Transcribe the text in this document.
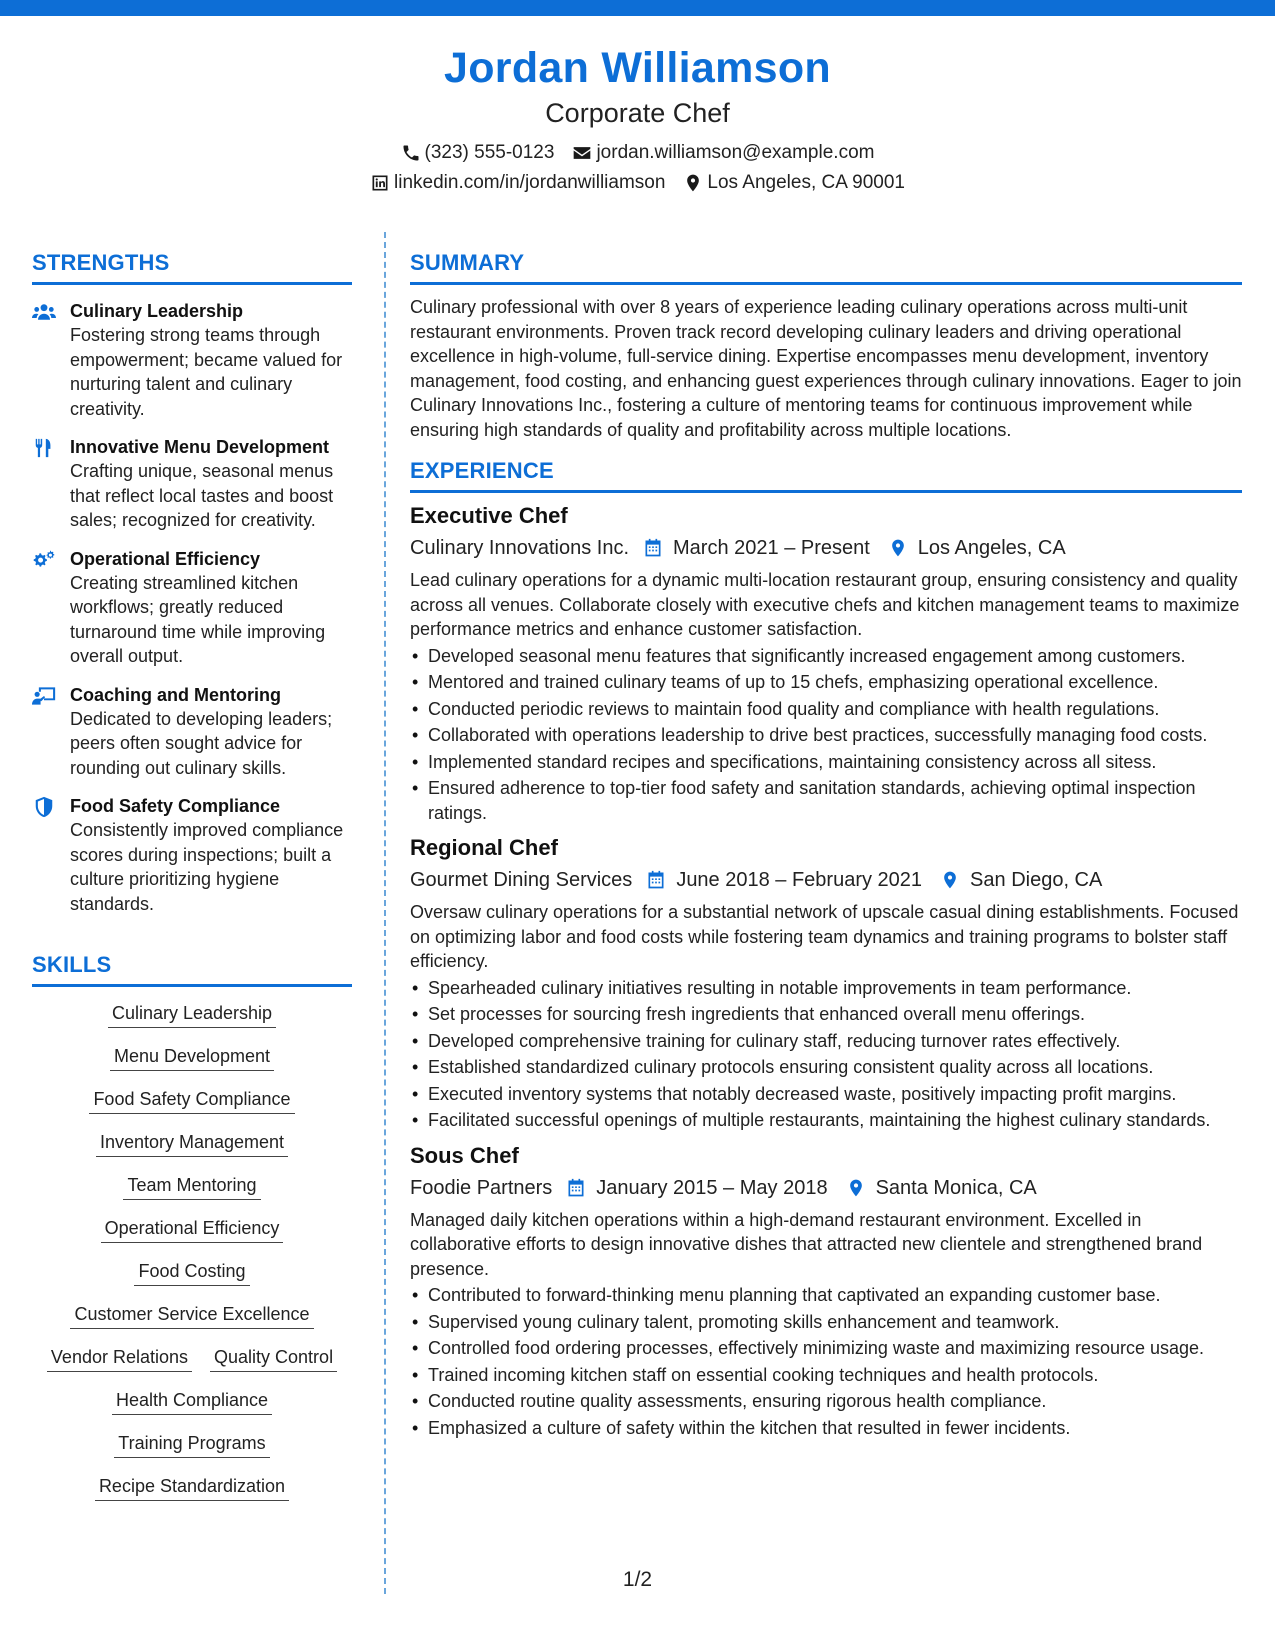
Jordan Williamson
Corporate Chef
(323) 555-0123 jordan.williamson@example.com
linkedin.com/in/jordanwilliamson Los Angeles, CA 90001
STRENGTHS
Culinary Leadership
Fostering strong teams through empowerment; became valued for nurturing talent and culinary creativity.
Innovative Menu Development
Crafting unique, seasonal menus that reflect local tastes and boost sales; recognized for creativity.
Operational Efficiency
Creating streamlined kitchen workflows; greatly reduced turnaround time while improving overall output.
Coaching and Mentoring
Dedicated to developing leaders; peers often sought advice for rounding out culinary skills.
Food Safety Compliance
Consistently improved compliance scores during inspections; built a culture prioritizing hygiene standards.
SKILLS
Culinary Leadership
Menu Development
Food Safety Compliance
Inventory Management
Team Mentoring
Operational Efficiency
Food Costing
Customer Service Excellence
Vendor Relations Quality Control
Health Compliance
Training Programs
Recipe Standardization
SUMMARY
Culinary professional with over 8 years of experience leading culinary operations across multi-unit restaurant environments. Proven track record developing culinary leaders and driving operational excellence in high-volume, full-service dining. Expertise encompasses menu development, inventory management, food costing, and enhancing guest experiences through culinary innovations. Eager to join Culinary Innovations Inc., fostering a culture of mentoring teams for continuous improvement while ensuring high standards of quality and profitability across multiple locations.
EXPERIENCE
Executive Chef
Culinary Innovations Inc. March 2021 – Present Los Angeles, CA
Lead culinary operations for a dynamic multi-location restaurant group, ensuring consistency and quality across all venues. Collaborate closely with executive chefs and kitchen management teams to maximize performance metrics and enhance customer satisfaction.
• Developed seasonal menu features that significantly increased engagement among customers.
• Mentored and trained culinary teams of up to 15 chefs, emphasizing operational excellence.
• Conducted periodic reviews to maintain food quality and compliance with health regulations.
• Collaborated with operations leadership to drive best practices, successfully managing food costs.
• Implemented standard recipes and specifications, maintaining consistency across all sitess.
• Ensured adherence to top-tier food safety and sanitation standards, achieving optimal inspection ratings.
Regional Chef
Gourmet Dining Services June 2018 – February 2021 San Diego, CA
Oversaw culinary operations for a substantial network of upscale casual dining establishments. Focused on optimizing labor and food costs while fostering team dynamics and training programs to bolster staff efficiency.
• Spearheaded culinary initiatives resulting in notable improvements in team performance.
• Set processes for sourcing fresh ingredients that enhanced overall menu offerings.
• Developed comprehensive training for culinary staff, reducing turnover rates effectively.
• Established standardized culinary protocols ensuring consistent quality across all locations.
• Executed inventory systems that notably decreased waste, positively impacting profit margins.
• Facilitated successful openings of multiple restaurants, maintaining the highest culinary standards.
Sous Chef
Foodie Partners January 2015 – May 2018 Santa Monica, CA
Managed daily kitchen operations within a high-demand restaurant environment. Excelled in collaborative efforts to design innovative dishes that attracted new clientele and strengthened brand presence.
• Contributed to forward-thinking menu planning that captivated an expanding customer base.
• Supervised young culinary talent, promoting skills enhancement and teamwork.
• Controlled food ordering processes, effectively minimizing waste and maximizing resource usage.
• Trained incoming kitchen staff on essential cooking techniques and health protocols.
• Conducted routine quality assessments, ensuring rigorous health compliance.
• Emphasized a culture of safety within the kitchen that resulted in fewer incidents.
1/2
